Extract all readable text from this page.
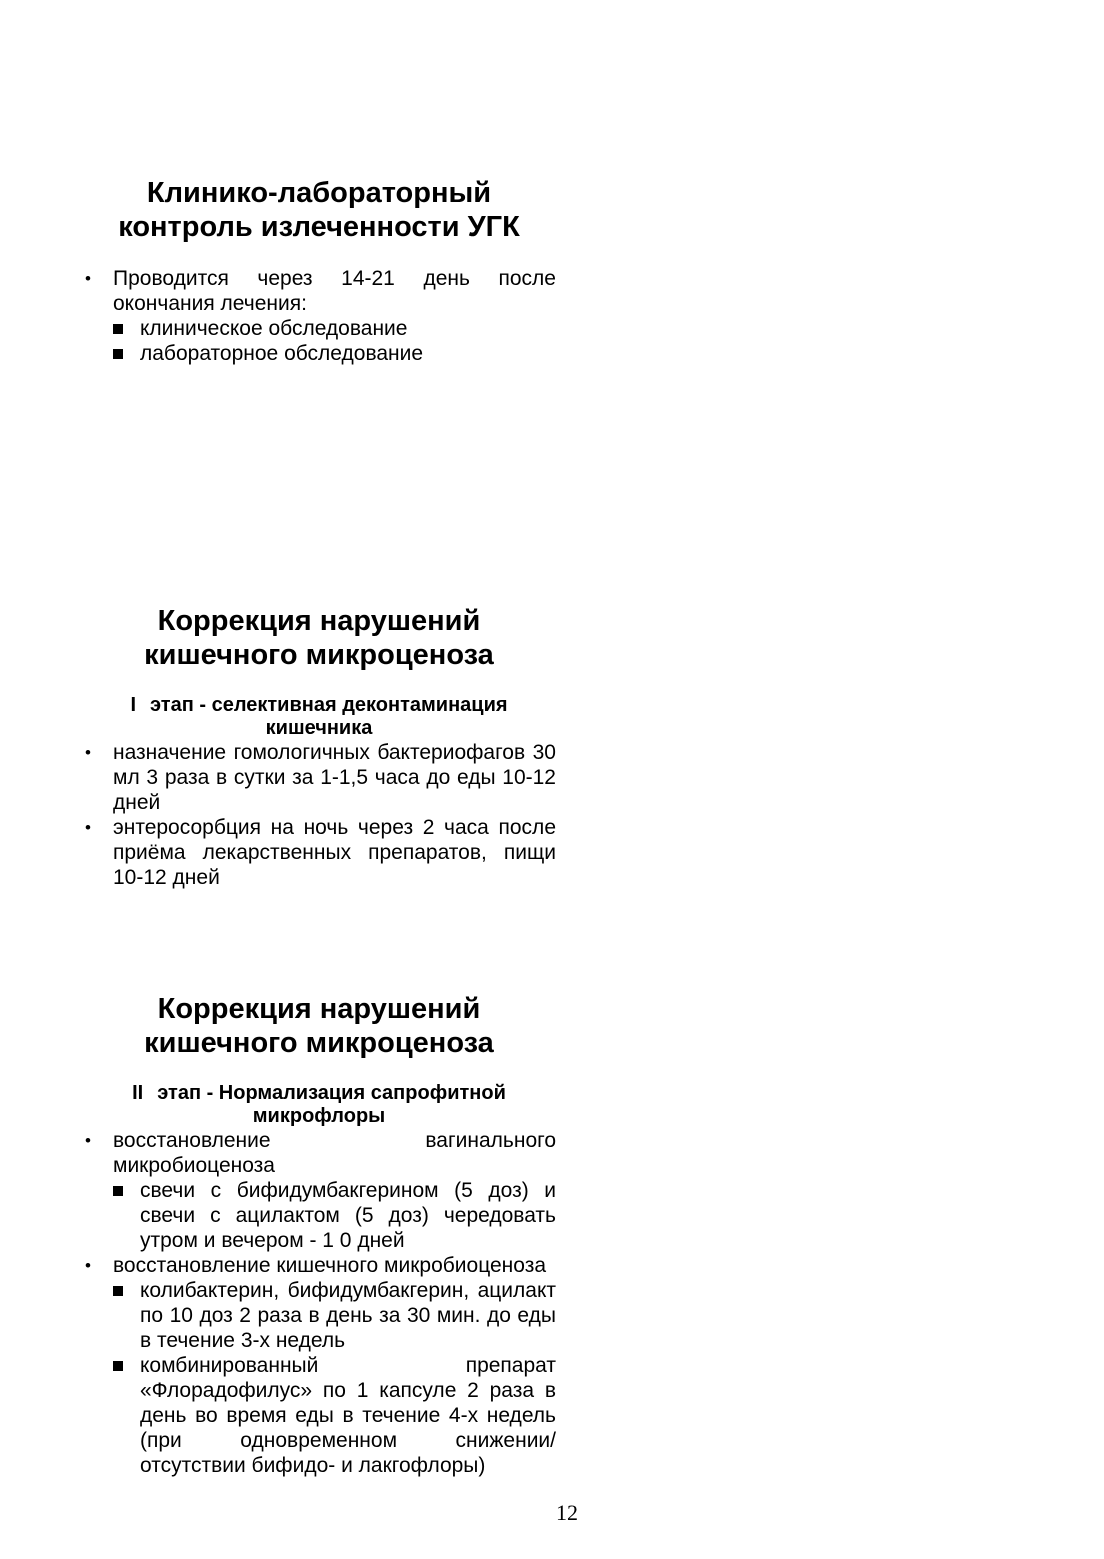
Клинико-лабораторный
контроль излеченности УГК
• Проводится через 14-21 день после окончания лечения:
клиническое обследование
лабораторное обследование
Коррекция нарушений
кишечного микроценоза
I этап - селективная деконтаминация
кишечника
• назначение гомологичных бактериофагов 30 мл 3 раза в сутки за 1-1,5 часа до еды 10-12 дней
• энтеросорбция на ночь через 2 часа после приёма лекарственных препаратов, пищи 10-12 дней
Коррекция нарушений
кишечного микроценоза
II этап - Нормализация сапрофитной
микрофлоры
• восстановление вагинального микробиоценоза
свечи с бифидумбакгерином (5 доз) и свечи с ацилактом (5 доз) чередовать утром и вечером - 1 0 дней
• восстановление кишечного микробиоценоза
колибактерин, бифидумбакгерин, ацилакт по 10 доз 2 раза в день за 30 мин. до еды в течение 3-х недель
комбинированный препарат «Флорадофилус» по 1 капсуле 2 раза в день во время еды в течение 4-х недель (при одновременном снижении/отсутствии бифидо- и лакгофлоры)
12
